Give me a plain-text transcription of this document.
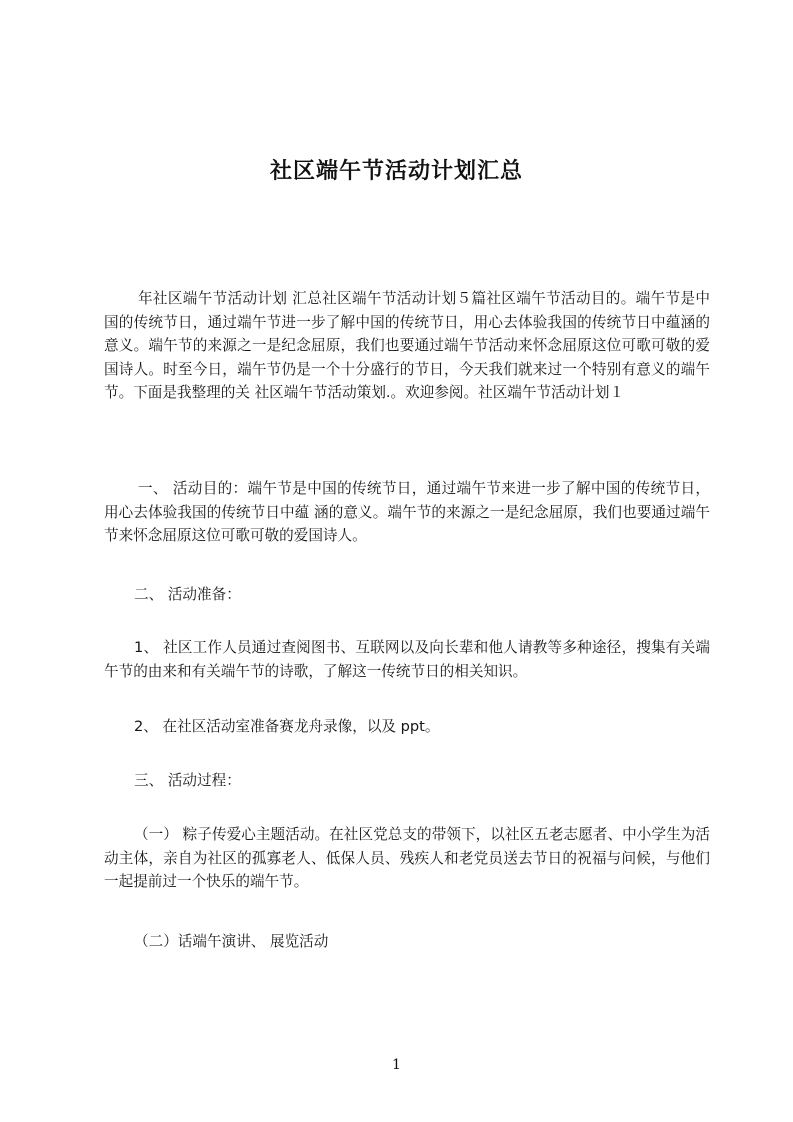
社区端午节活动计划汇总

年社区端午节活动计划 汇总社区端午节活动计划５篇社区端午节活动目的。端午节是中国的传统节日，通过端午节进一步了解中国的传统节日，用心去体验我国的传统节日中蕴涵的意义。端午节的来源之一是纪念屈原，我们也要通过端午节活动来怀念屈原这位可歌可敬的爱国诗人。时至今日，端午节仍是一个十分盛行的节日，今天我们就来过一个特别有意义的端午节。下面是我整理的关 社区端午节活动策划.。欢迎参阅。社区端午节活动计划１

一、 活动目的：端午节是中国的传统节日，通过端午节来进一步了解中国的传统节日，用心去体验我国的传统节日中蕴 涵的意义。端午节的来源之一是纪念屈原，我们也要通过端午节来怀念屈原这位可歌可敬的爱国诗人。

二、 活动准备：

1、 社区工作人员通过查阅图书、互联网以及向长辈和他人请教等多种途径，搜集有关端午节的由来和有关端午节的诗歌，了解这一传统节日的相关知识。

2、 在社区活动室准备赛龙舟录像，以及 ppt。

三、 活动过程：

（一） 粽子传爱心主题活动。在社区党总支的带领下，以社区五老志愿者、中小学生为活动主体，亲自为社区的孤寡老人、低保人员、残疾人和老党员送去节日的祝福与问候，与他们一起提前过一个快乐的端午节。

（二）话端午演讲、 展览活动

1
